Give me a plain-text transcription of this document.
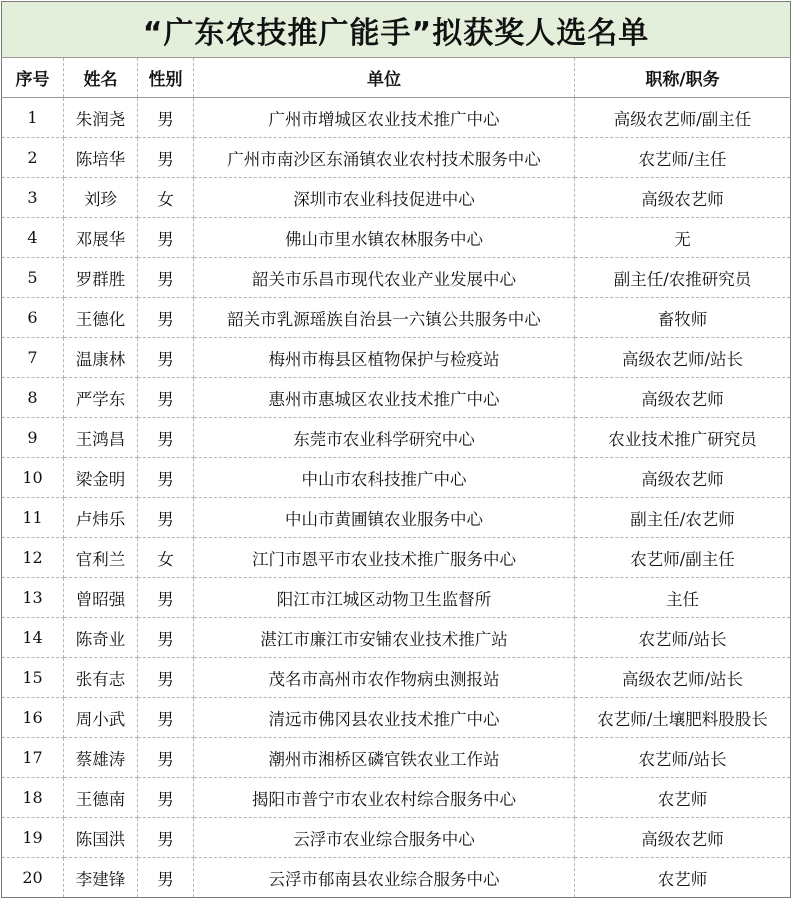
“广东农技推广能手”拟获奖人选名单				
序号	姓名	性别	单位	职称/职务
1	朱润尧	男	广州市增城区农业技术推广中心	高级农艺师/副主任
2	陈培华	男	广州市南沙区东涌镇农业农村技术服务中心	农艺师/主任
3	刘珍	女	深圳市农业科技促进中心	高级农艺师
4	邓展华	男	佛山市里水镇农林服务中心	无
5	罗群胜	男	韶关市乐昌市现代农业产业发展中心	副主任/农推研究员
6	王德化	男	韶关市乳源瑶族自治县一六镇公共服务中心	畜牧师
7	温康林	男	梅州市梅县区植物保护与检疫站	高级农艺师/站长
8	严学东	男	惠州市惠城区农业技术推广中心	高级农艺师
9	王鸿昌	男	东莞市农业科学研究中心	农业技术推广研究员
10	梁金明	男	中山市农科技推广中心	高级农艺师
11	卢炜乐	男	中山市黄圃镇农业服务中心	副主任/农艺师
12	官利兰	女	江门市恩平市农业技术推广服务中心	农艺师/副主任
13	曾昭强	男	阳江市江城区动物卫生监督所	主任
14	陈奇业	男	湛江市廉江市安铺农业技术推广站	农艺师/站长
15	张有志	男	茂名市高州市农作物病虫测报站	高级农艺师/站长
16	周小武	男	清远市佛冈县农业技术推广中心	农艺师/土壤肥料股股长
17	蔡雄涛	男	潮州市湘桥区磷官铁农业工作站	农艺师/站长
18	王德南	男	揭阳市普宁市农业农村综合服务中心	农艺师
19	陈国洪	男	云浮市农业综合服务中心	高级农艺师
20	李建锋	男	云浮市郁南县农业综合服务中心	农艺师
